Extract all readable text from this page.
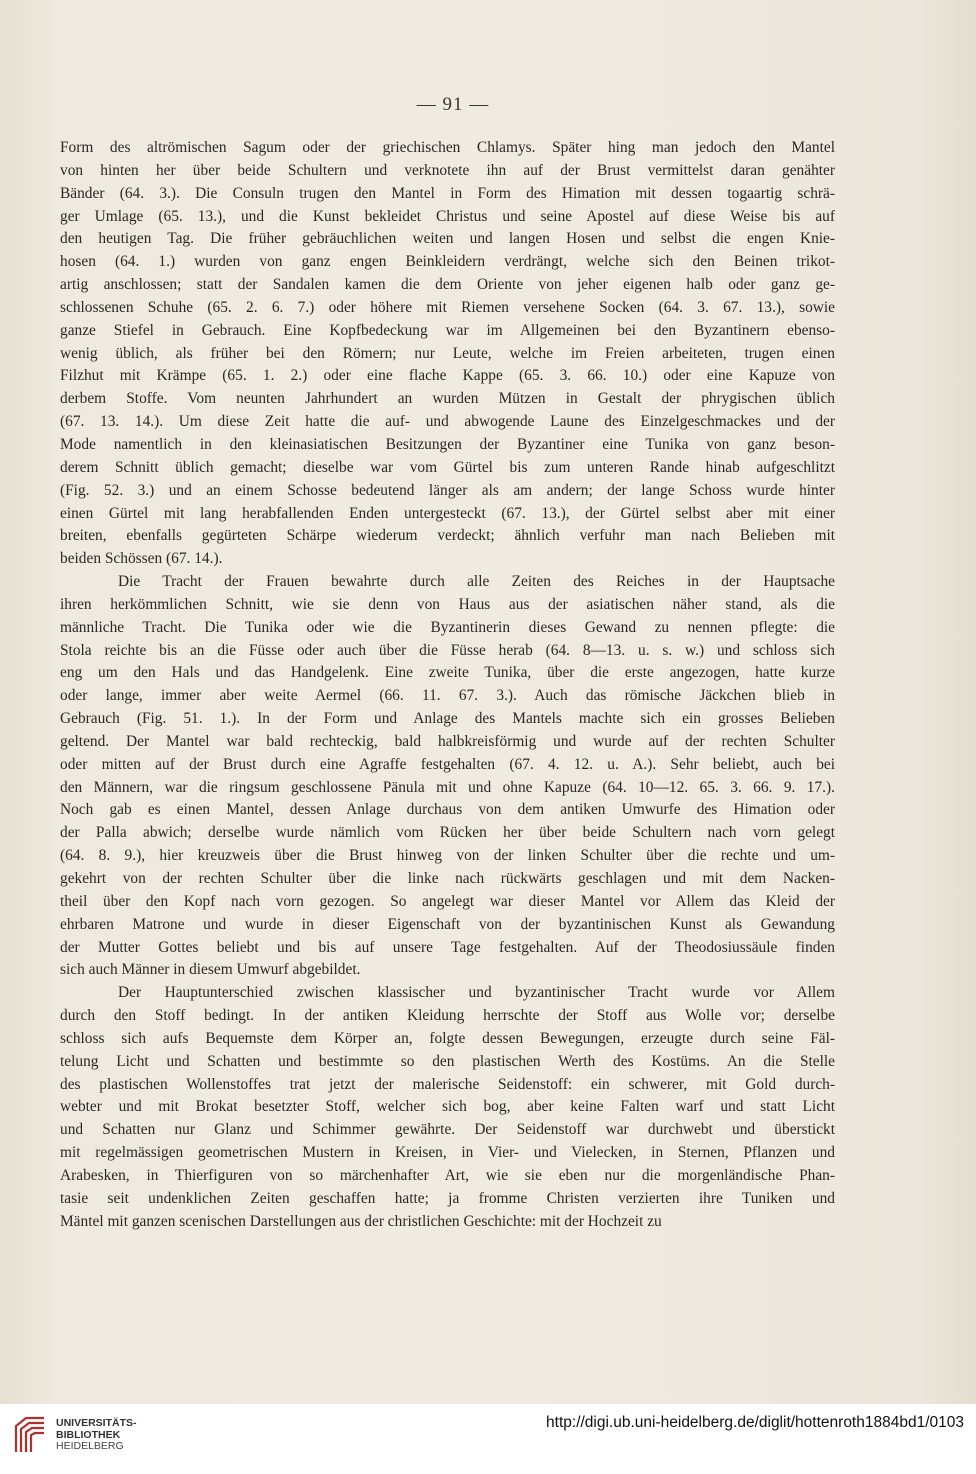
— 91 —
Form des altrömischen Sagum oder der griechischen Chlamys. Später hing man jedoch den Mantel
von hinten her über beide Schultern und verknotete ihn auf der Brust vermittelst daran genähter
Bänder (64. 3.). Die Consuln trugen den Mantel in Form des Himation mit dessen togaartig schrä-
ger Umlage (65. 13.), und die Kunst bekleidet Christus und seine Apostel auf diese Weise bis auf
den heutigen Tag. Die früher gebräuchlichen weiten und langen Hosen und selbst die engen Knie-
hosen (64. 1.) wurden von ganz engen Beinkleidern verdrängt, welche sich den Beinen trikot-
artig anschlossen; statt der Sandalen kamen die dem Oriente von jeher eigenen halb oder ganz ge-
schlossenen Schuhe (65. 2. 6. 7.) oder höhere mit Riemen versehene Socken (64. 3. 67. 13.), sowie
ganze Stiefel in Gebrauch. Eine Kopfbedeckung war im Allgemeinen bei den Byzantinern ebenso-
wenig üblich, als früher bei den Römern; nur Leute, welche im Freien arbeiteten, trugen einen
Filzhut mit Krämpe (65. 1. 2.) oder eine flache Kappe (65. 3. 66. 10.) oder eine Kapuze von
derbem Stoffe. Vom neunten Jahrhundert an wurden Mützen in Gestalt der phrygischen üblich
(67. 13. 14.). Um diese Zeit hatte die auf- und abwogende Laune des Einzelgeschmackes und der
Mode namentlich in den kleinasiatischen Besitzungen der Byzantiner eine Tunika von ganz beson-
derem Schnitt üblich gemacht; dieselbe war vom Gürtel bis zum unteren Rande hinab aufgeschlitzt
(Fig. 52. 3.) und an einem Schosse bedeutend länger als am andern; der lange Schoss wurde hinter
einen Gürtel mit lang herabfallenden Enden untergesteckt (67. 13.), der Gürtel selbst aber mit einer
breiten, ebenfalls gegürteten Schärpe wiederum verdeckt; ähnlich verfuhr man nach Belieben mit
beiden Schössen (67. 14.).
Die Tracht der Frauen bewahrte durch alle Zeiten des Reiches in der Hauptsache
ihren herkömmlichen Schnitt, wie sie denn von Haus aus der asiatischen näher stand, als die
männliche Tracht. Die Tunika oder wie die Byzantinerin dieses Gewand zu nennen pflegte: die
Stola reichte bis an die Füsse oder auch über die Füsse herab (64. 8—13. u. s. w.) und schloss sich
eng um den Hals und das Handgelenk. Eine zweite Tunika, über die erste angezogen, hatte kurze
oder lange, immer aber weite Aermel (66. 11. 67. 3.). Auch das römische Jäckchen blieb in
Gebrauch (Fig. 51. 1.). In der Form und Anlage des Mantels machte sich ein grosses Belieben
geltend. Der Mantel war bald rechteckig, bald halbkreisförmig und wurde auf der rechten Schulter
oder mitten auf der Brust durch eine Agraffe festgehalten (67. 4. 12. u. A.). Sehr beliebt, auch bei
den Männern, war die ringsum geschlossene Pänula mit und ohne Kapuze (64. 10—12. 65. 3. 66. 9. 17.).
Noch gab es einen Mantel, dessen Anlage durchaus von dem antiken Umwurfe des Himation oder
der Palla abwich; derselbe wurde nämlich vom Rücken her über beide Schultern nach vorn gelegt
(64. 8. 9.), hier kreuzweis über die Brust hinweg von der linken Schulter über die rechte und um-
gekehrt von der rechten Schulter über die linke nach rückwärts geschlagen und mit dem Nacken-
theil über den Kopf nach vorn gezogen. So angelegt war dieser Mantel vor Allem das Kleid der
ehrbaren Matrone und wurde in dieser Eigenschaft von der byzantinischen Kunst als Gewandung
der Mutter Gottes beliebt und bis auf unsere Tage festgehalten. Auf der Theodosiussäule finden
sich auch Männer in diesem Umwurf abgebildet.
Der Hauptunterschied zwischen klassischer und byzantinischer Tracht wurde vor Allem
durch den Stoff bedingt. In der antiken Kleidung herrschte der Stoff aus Wolle vor; derselbe
schloss sich aufs Bequemste dem Körper an, folgte dessen Bewegungen, erzeugte durch seine Fäl-
telung Licht und Schatten und bestimmte so den plastischen Werth des Kostüms. An die Stelle
des plastischen Wollenstoffes trat jetzt der malerische Seidenstoff: ein schwerer, mit Gold durch-
webter und mit Brokat besetzter Stoff, welcher sich bog, aber keine Falten warf und statt Licht
und Schatten nur Glanz und Schimmer gewährte. Der Seidenstoff war durchwebt und überstickt
mit regelmässigen geometrischen Mustern in Kreisen, in Vier- und Vielecken, in Sternen, Pflanzen und
Arabesken, in Thierfiguren von so märchenhafter Art, wie sie eben nur die morgenländische Phan-
tasie seit undenklichen Zeiten geschaffen hatte; ja fromme Christen verzierten ihre Tuniken und
Mäntel mit ganzen scenischen Darstellungen aus der christlichen Geschichte: mit der Hochzeit zu
UNIVERSITÄTS-
BIBLIOTHEK
HEIDELBERG
http://digi.ub.uni-heidelberg.de/diglit/hottenroth1884bd1/0103
